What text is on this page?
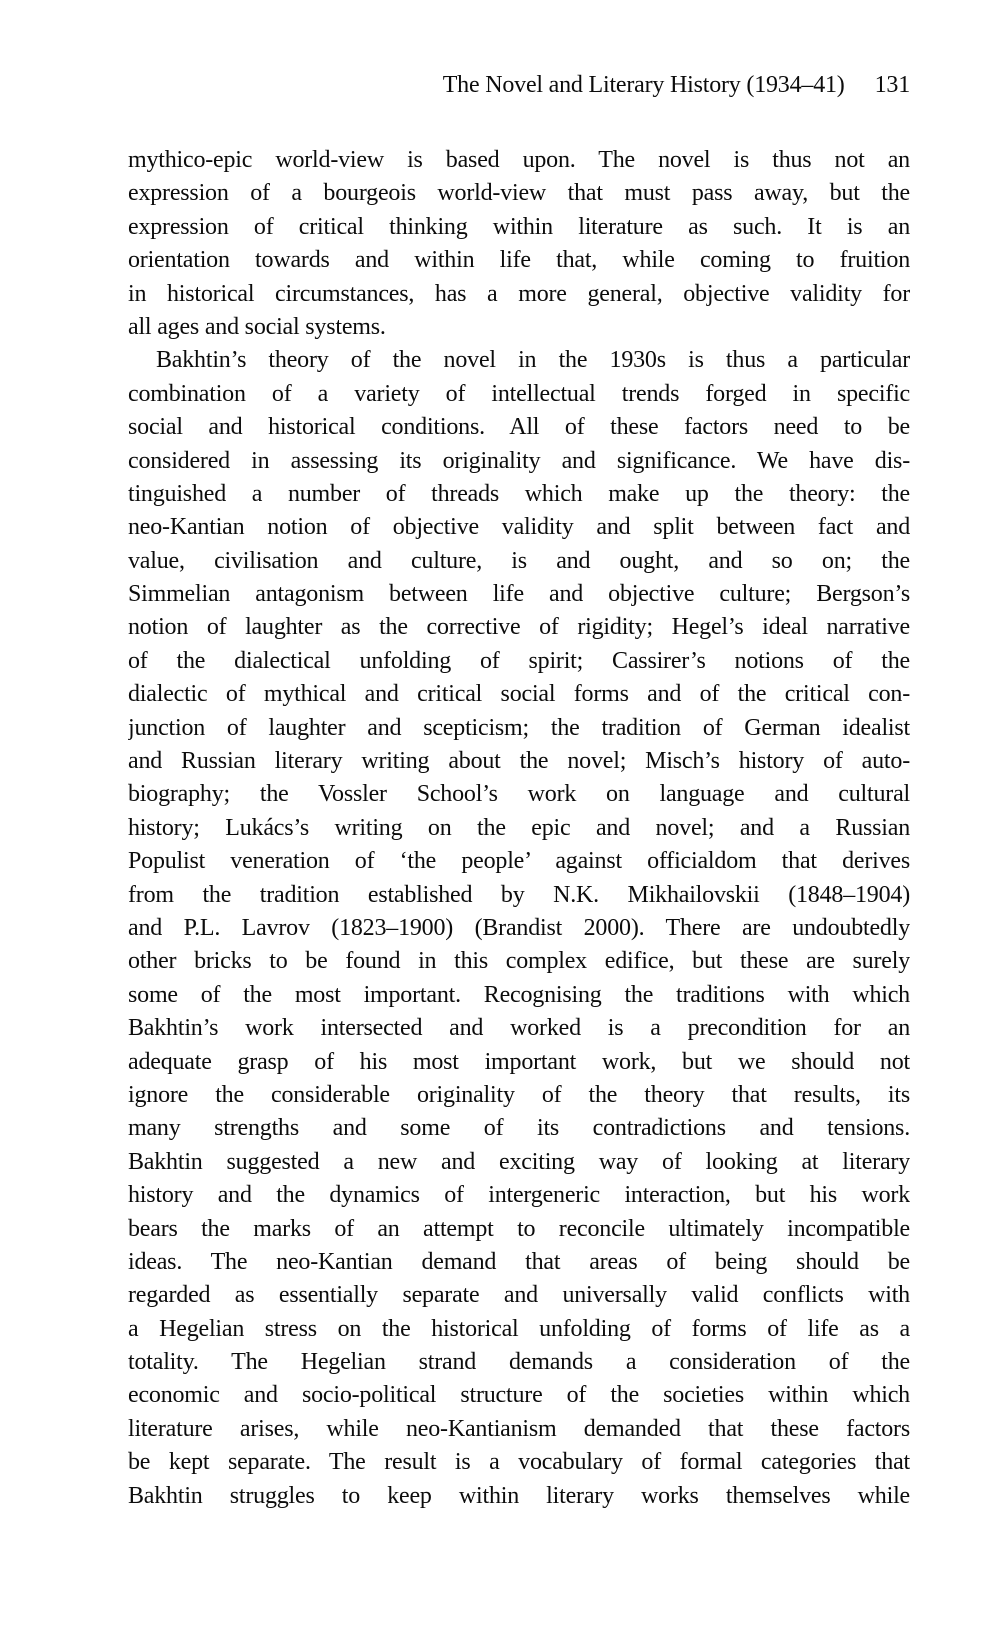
The Novel and Literary History (1934–41) 131
mythico-epic world-view is based upon. The novel is thus not an
expression of a bourgeois world-view that must pass away, but the
expression of critical thinking within literature as such. It is an
orientation towards and within life that, while coming to fruition
in historical circumstances, has a more general, objective validity for
all ages and social systems.
Bakhtin’s theory of the novel in the 1930s is thus a particular
combination of a variety of intellectual trends forged in specific
social and historical conditions. All of these factors need to be
considered in assessing its originality and significance. We have dis-
tinguished a number of threads which make up the theory: the
neo-Kantian notion of objective validity and split between fact and
value, civilisation and culture, is and ought, and so on; the
Simmelian antagonism between life and objective culture; Bergson’s
notion of laughter as the corrective of rigidity; Hegel’s ideal narrative
of the dialectical unfolding of spirit; Cassirer’s notions of the
dialectic of mythical and critical social forms and of the critical con-
junction of laughter and scepticism; the tradition of German idealist
and Russian literary writing about the novel; Misch’s history of auto-
biography; the Vossler School’s work on language and cultural
history; Lukács’s writing on the epic and novel; and a Russian
Populist veneration of ‘the people’ against officialdom that derives
from the tradition established by N.K. Mikhailovskii (1848–1904)
and P.L. Lavrov (1823–1900) (Brandist 2000). There are undoubtedly
other bricks to be found in this complex edifice, but these are surely
some of the most important. Recognising the traditions with which
Bakhtin’s work intersected and worked is a precondition for an
adequate grasp of his most important work, but we should not
ignore the considerable originality of the theory that results, its
many strengths and some of its contradictions and tensions.
Bakhtin suggested a new and exciting way of looking at literary
history and the dynamics of intergeneric interaction, but his work
bears the marks of an attempt to reconcile ultimately incompatible
ideas. The neo-Kantian demand that areas of being should be
regarded as essentially separate and universally valid conflicts with
a Hegelian stress on the historical unfolding of forms of life as a
totality. The Hegelian strand demands a consideration of the
economic and socio-political structure of the societies within which
literature arises, while neo-Kantianism demanded that these factors
be kept separate. The result is a vocabulary of formal categories that
Bakhtin struggles to keep within literary works themselves while
